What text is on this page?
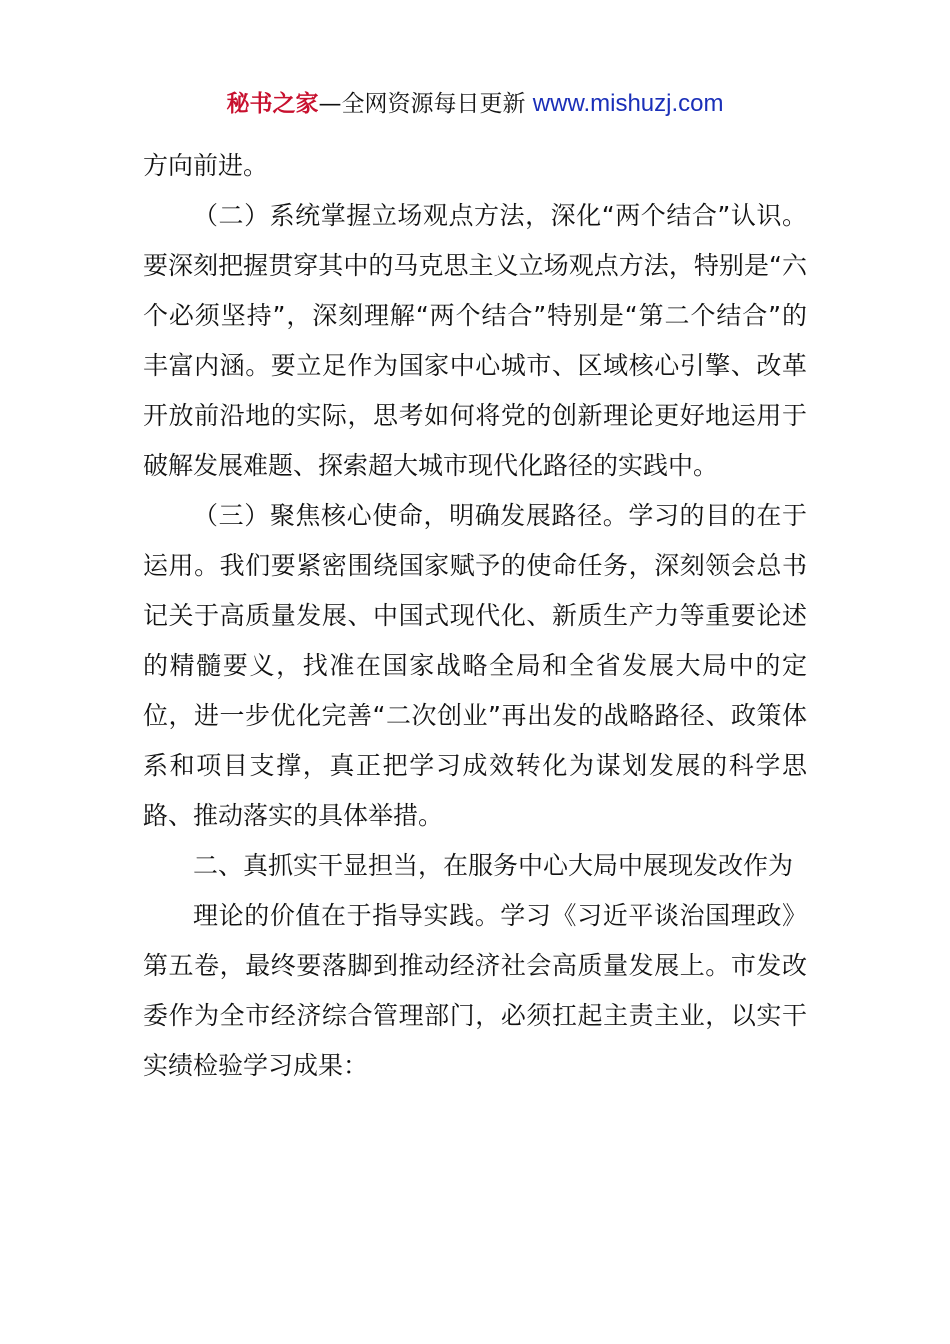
秘书之家—全网资源每日更新 www.mishuzj.com

方向前进。

（二）系统掌握立场观点方法，深化“两个结合”认识。要深刻把握贯穿其中的马克思主义立场观点方法，特别是“六个必须坚持”，深刻理解“两个结合”特别是“第二个结合”的丰富内涵。要立足作为国家中心城市、区域核心引擎、改革开放前沿地的实际，思考如何将党的创新理论更好地运用于破解发展难题、探索超大城市现代化路径的实践中。

（三）聚焦核心使命，明确发展路径。学习的目的在于运用。我们要紧密围绕国家赋予的使命任务，深刻领会总书记关于高质量发展、中国式现代化、新质生产力等重要论述的精髓要义，找准在国家战略全局和全省发展大局中的定位，进一步优化完善“二次创业”再出发的战略路径、政策体系和项目支撑，真正把学习成效转化为谋划发展的科学思路、推动落实的具体举措。

二、真抓实干显担当，在服务中心大局中展现发改作为

理论的价值在于指导实践。学习《习近平谈治国理政》第五卷，最终要落脚到推动经济社会高质量发展上。市发改委作为全市经济综合管理部门，必须扛起主责主业，以实干实绩检验学习成果：
